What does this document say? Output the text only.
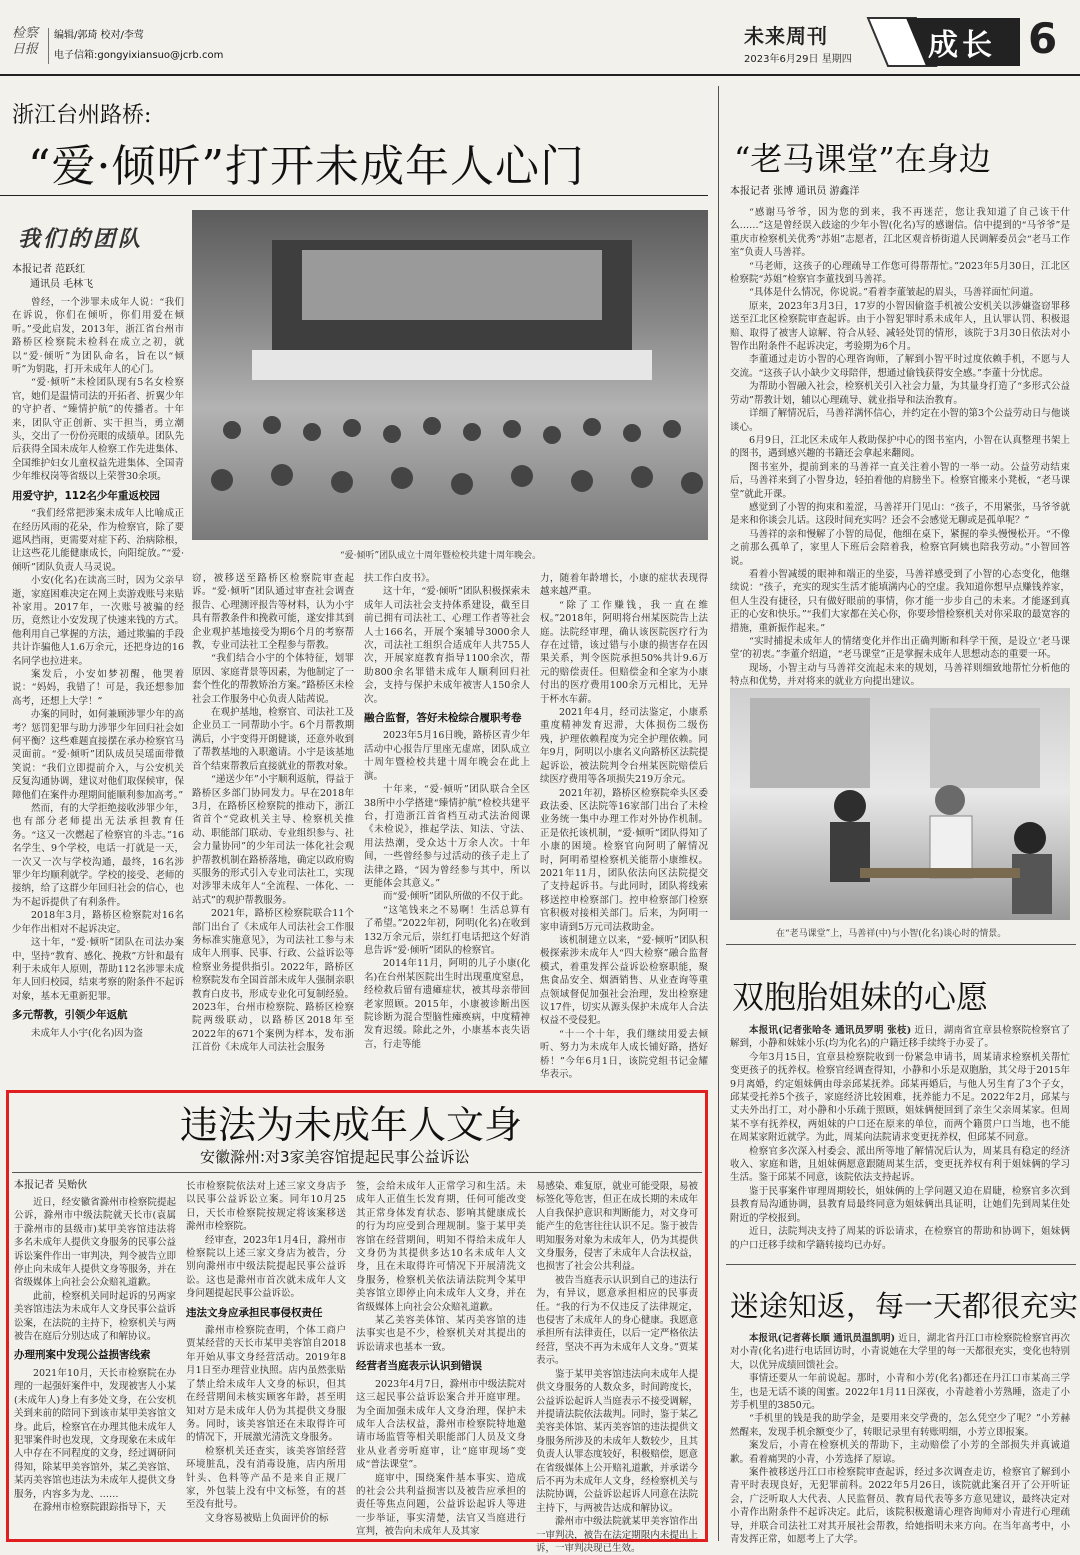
检察
日报
编辑/郭琦 校对/李莺
电子信箱:gongyixiansuo@jcrb.com
未来周刊
2023年6月29日 星期四	成长 6
浙江台州路桥:
“爱·倾听”打开未成年人心门
我们的团队
本报记者 范跃红
通讯员 毛林飞

曾经，一个涉罪未成年人说：“我们在诉说，你们在倾听，你们用爱在倾听。”受此启发，2013年，浙江省台州市路桥区检察院未检科在成立之初，就以“爱·倾听”为团队命名，旨在以“倾听”为钥匙，打开未成年人的心门。

“爱·倾听”未检团队现有5名女检察官，她们是温情司法的开拓者、折翼少年的守护者、“臻情护航”的传播者。十年来，团队守正创新、实干担当，勇立潮头，交出了一份份亮眼的成绩单。团队先后获得全国未成年人检察工作先进集体、全国维护妇女儿童权益先进集体、全国青少年维权岗等省级以上荣誉30余项。

用爱守护，112名少年重返校园

“我们经常把涉案未成年人比喻成正在经历风雨的花朵，作为检察官，除了要遮风挡雨，更需要对症下药、治病除根，让这些花儿能健康成长，向阳绽放。”“爱·倾听”团队负责人马灵说。

小安(化名)在读高三时，因为父亲早逝，家庭困难决定在网上卖游戏账号来贴补家用。2017年，一次账号被骗的经历，竟然让小安发现了快速来钱的方式。他利用自己掌握的方法，通过欺骗的手段共计诈骗他人1.6万余元，还把身边的16名同学也拉进来。

案发后，小安如梦初醒，他哭着说：“妈妈，我错了！可是，我还想参加高考，还想上大学！”

办案的同时，如何兼顾涉罪少年的高考？惩罚犯罪与助力涉罪少年回归社会如何平衡？这些难题直接摆在承办检察官马灵面前。“爱·倾听”团队成员吴瑶面带微笑说：“我们立即提前介入，与公安机关反复沟通协调，建议对他们取保候审，保障他们在案件办理期间能顺利参加高考。”

然而，有的大学拒绝接收涉罪少年，也有部分老师提出无法承担教育任务。“这又一次燃起了检察官的斗志。”16名学生、9个学校，电话一打就是一天，一次又一次与学校沟通，最终，16名涉罪少年均顺利就学。学校的接受、老师的接纳，给了这群少年回归社会的信心，也为不起诉提供了有利条件。

2018年3月，路桥区检察院对16名少年作出相对不起诉决定。

这十年，“爱·倾听”团队在司法办案中，坚持“教育、感化、挽救”方针和最有利于未成年人原则，帮助112名涉罪未成年人回归校园，结束考察的附条件不起诉对象，基本无重新犯罪。

多元帮教，引领少年返航

未成年人小宇(化名)因为盗

“爱·倾听”团队成立十周年暨检校共建十周年晚会。

窃，被移送至路桥区检察院审查起诉。“爱·倾听”团队通过审查社会调查报告、心理测评报告等材料，认为小宇具有帮教条件和挽救可能，遂安排其到企业观护基地接受为期6个月的考察帮教，专业司法社工全程参与帮教。

“我们结合小宇的个体特征，划罪原因、家庭背景等因素，为他制定了一套个性化的帮教矫治方案。”路桥区未检社会工作服务中心负责人陆茜说。

在观护基地，检察官、司法社工及企业员工一同帮助小宇。6个月帮教期满后，小宇变得开朗健谈，还意外收到了帮教基地的入职邀请。小宇是该基地首个结束帮教后直接就业的帮教对象。

“递送少年”小宇顺利返航，得益于路桥区多部门协同发力。早在2018年3月，在路桥区检察院的推动下，浙江省首个“党政机关主导、检察机关推动、职能部门联动、专业组织参与、社会力量协同”的少年司法一体化社会观护帮教机制在路桥落地，确定以政府购买服务的形式引入专业司法社工，实现对涉罪未成年人“全流程、一体化、一站式”的观护帮教服务。

2021年，路桥区检察院联合11个部门出台了《未成年人司法社会工作服务标准实施意见》，为司法社工参与未成年人刑事、民事、行政、公益诉讼等检察业务提供指引。2022年，路桥区检察院发布全国首部未成年人强制亲职教育白皮书，形成专业化可复制经验。2023年，台州市检察院、路桥区检察院两级联动，以路桥区2018年至2022年的671个案例为样本，发布浙江首份《未成年人司法社会服务

扶工作白皮书》。

这十年，“爱·倾听”团队积极探索未成年人司法社会支持体系建设，截至目前已拥有司法社工、心理工作者等社会人士166名，开展个案辅导3000余人次，司法社工组织合适成年人共755人次，开展家庭教育指导1100余次，帮助800余名罪错未成年人顺利回归社会，支持与保护未成年被害人150余人次。

融合监督，答好未检综合履职考卷

2023年5月16日晚，路桥区青少年活动中心报告厅里座无虚席，团队成立十周年暨检校共建十周年晚会在此上演。

十年来，“爱·倾听”团队联合全区38所中小学搭建“臻情护航”检校共建平台，打造浙江首省档互动式法治阅课《未检说》，推起学法、知法、守法、用法热潮，受众达十万余人次。十年间，一些曾经参与过活动的孩子走上了法律之路，“因为曾经参与其中，所以更能体会其意义。”

而“爱·倾听”团队所做的不仅于此。

“这笔钱来之不易啊！生活总算有了希望。”2022年初，阿明(化名)在收到132万余元后，崇红打电话把这个好消息告诉“爱·倾听”团队的检察官。

2014年11月，阿明的儿子小康(化名)在台州某医院出生时出现重度窒息，经检救后留有遗瘫症状，被其母亲带回老家照顾。2015年，小康被诊断出医院诊断为混合型脑性瘫痪病，中度精神发育迟缓。除此之外，小康基本丧失语言，行走等能

力，随着年龄增长，小康的症状表现得越来越严重。

“除了工作赚钱，我一直在维权。”2018年，阿明将台州某医院告上法庭。法院经审理，确认该医院医疗行为存在过错，该过错与小康的损害存在因果关系，判令医院承担50%共计9.6万元的赔偿责任。但赔偿金和全家为小康付出的医疗费用100余万元相比，无异于杯水车薪。

2021年4月，经司法鉴定，小康系重度精神发育迟滞，大体损伤二级伤残，护理依赖程度为完全护理依赖。同年9月，阿明以小康名义向路桥区法院提起诉讼，被法院判令台州某医院赔偿后续医疗费用等各项损失219万余元。

2021年初，路桥区检察院牵头区委政法委、区法院等16家部门出台了未检业务统一集中办理工作对外协作机制。正是依托该机制，“爱·倾听”团队得知了小康的困境。检察官向阿明了解情况时，阿明希望检察机关能帮小康维权。2021年11月，团队依法向区法院提交了支持起诉书。与此同时，团队将线索移送控申检察部门。控申检察部门检察官积极对接相关部门。后来，为阿明一家申请到5万元司法救助金。

该机制建立以来，“爱·倾听”团队积极探索涉未成年人“四大检察”融合监督模式，着重发挥公益诉讼检察职能，聚焦食品安全、烟酒销售、从业查询等重点领域督促加强社会治理，发出检察建议17件，切实从源头保护未成年人合法权益不受侵犯。

“十一个十年，我们继续用爱去倾听、努力为未成年人成长铺好路，搭好桥！”今年6月1日，该院党组书记金耀华表示。

“老马课堂”在身边
本报记者 张博 通讯员 游鑫洋

“感谢马爷爷，因为您的到来，我不再迷茫，您让我知道了自己该干什么……”这是曾经误入歧途的少年小智(化名)写的感谢信。信中提到的“马爷爷”是重庆市检察机关优秀“苏姐”志愿者，江北区观音桥街道人民调解委员会“老马工作室”负责人马善祥。

“马老师，这孩子的心理疏导工作您可得帮帮忙。”2023年5月30日，江北区检察院“苏姐”检察官李董找到马善祥。

“具体是什么情况，你说说。”看着李董皱起的眉头，马善祥面忙问道。

原来，2023年3月3日，17岁的小智因偷盗手机被公安机关以涉嫌盗窃罪移送至江北区检察院审查起诉。由于小智犯罪时系未成年人，且认罪认罚、积极退赔、取得了被害人谅解、符合从轻、减轻处罚的情形，该院于3月30日依法对小智作出附条件不起诉决定，考验期为6个月。

李董通过走访小智的心理咨询师，了解到小智平时过度依赖手机，不愿与人交流。“这孩子认小缺少文母陪伴，想通过偷钱获得安全感。”李董十分忧虑。

为帮助小智融入社会，检察机关引入社会力量，为其量身打造了“多形式公益劳动”帮教计划，辅以心理疏导、就业指导和法治教育。

详细了解情况后，马善祥满怀信心，并约定在小智的第3个公益劳动日与他谈谈心。

6月9日，江北区未成年人救助保护中心的图书室内，小智在认真整理书架上的图书，遇到感兴趣的书籍还会拿起来翻阅。

图书室外，提前到来的马善祥一直关注着小智的一举一动。公益劳动结束后，马善祥来到了小智身边，轻拍着他的肩膀坐下。检察官搬来小凳板，“老马课堂”就此开课。

感觉到了小智的拘束和羞涩，马善祥开门见山：“孩子，不用紧张，马爷爷就是来和你谈会儿话。这段时间充实吗？还会不会感觉无聊或是孤单呢？”

马善祥的亲和慢解了小智的局促，他细在桌下，紧握的拳头慢慢松开。“不像之前那么孤单了，家里人下班后会陪着我，检察官阿姨也陪我劳动。”小智回答说。

看着小智减缓的眼神和端正的坐姿，马善祥感受到了小智的心态变化，他继续说：“孩子，充实的现实生活才能填满内心的空虚。我知道你想早点赚钱养家，但人生没有捷径，只有做好眼前的事情，你才能一步步自己的未来。才能逐到真正的心安和快乐。”“我们大家都在关心你，你要珍惜检察机关对你采取的最宽容的措施，重新振作起来。”

“实时捕捉未成年人的情绪变化并作出正确判断和科学干预，是设立‘老马课堂’的初衷。”李董介绍道，“老马课堂”正是掌握未成年人思想动态的重要一环。

现场，小智主动与马善祥交流起未来的规划，马善祥则细致地帮忙分析他的特点和优势，并对将来的就业方向提出建议。

在“老马课堂”上，马善祥(中)与小智(化名)谈心时的情景。
双胞胎姐妹的心愿

本报讯(记者张哈冬 通讯员罗明 张枝) 近日，湖南省宜章县检察院检察官了解到，小静和妹妹小乐(均为化名)的户籍迁移手续终于办妥了。

今年3月15日，宜章县检察院收到一份紧急申请书，周某请求检察机关帮忙变更孩子的抚养权。检察官经调查得知，小静和小乐是双胞胎，其父母于2015年9月离婚，约定姐妹俩由母亲邱某抚养。邱某再婚后，与他人另生育了3个子女，邱某受托养5个孩子，家庭经济比较困难，抚养能力不足。2022年2月，邱某与丈夫外出打工，对小静和小乐疏于照顾，姐妹俩便回到了亲生父亲周某家。但周某不享有抚养权，两姐妹的户口还在原来的单位，而两个籍贯户口当地，也不能在周某家附近就学。为此，周某向法院请求变更抚养权，但邱某不同意。

检察官多次深入村委会、派出所等地了解情况后认为，周某具有稳定的经济收入、家庭和谐，且姐妹俩愿意跟随周某生活，变更抚养权有利于姐妹俩的学习生活。鉴于邱某不同意，该院依法支持起诉。

鉴于民事案件审理周期较长，姐妹俩的上学问题又迫在眉睫，检察官多次到县教育局沟通协调，县教育局最终同意为姐妹俩出具证明，让她们先到周某住处附近的学校报到。

近日，法院判决支持了周某的诉讼请求，在检察官的帮助和协调下，姐妹俩的户口迁移手续和学籍转接均已办好。

迷途知返，每一天都很充实

本报讯(记者蒋长顺 通讯员温凯明) 近日，湖北省丹江口市检察院检察官再次对小青(化名)进行电话回访时，小青说她在大学里的每一天都很充实，变化也特别大，以优异成绩回馈社会。

事情还要从一年前说起。那时，小青和小芳(化名)都还在丹江口市某高三学生，也是无话不谈的闺蜜。2022年1月11日深夜，小青趁着小芳熟睡，盗走了小芳手机里的3850元。

“手机里的钱是我的助学金，是要用来交学费的，怎么凭空少了呢？”小芳赫然醒来，发现手机余额变少了，转眼记录里有转账明细，小芳立即报案。

案发后，小青在检察机关的帮助下，主动赔偿了小芳的全部损失并真诚道歉。看着痛哭的小青，小芳选择了原谅。

案件被移送丹江口市检察院审查起诉，经过多次调查走访，检察官了解到小青平时表现良好，无犯罪前科。2022年5月26日，该院就此案召开了公开听证会，广泛听取人大代表、人民监督员、教育局代表等多方意见建议，最终决定对小青作出附条件不起诉决定。此后，该院积极邀请心理咨询师对小青进行心理疏导，并联合司法社工对其开展社会帮教，给她指明未来方向。在当年高考中，小青发挥正常，如愿考上了大学。

违法为未成年人文身
安徽滁州:对3家美容馆提起民事公益诉讼
本报记者 吴贻伙

近日，经安徽省滁州市检察院提起公诉，滁州市中级法院就天长市(袁属于滁州市的县级市)某甲美容馆违法将多名未成年人提供文身服务的民事公益诉讼案件作出一审判决，判令被告立即停止向未成年人提供文身等服务，并在省级媒体上向社会公众赔礼道歉。

此前，检察机关同时起诉的另两家美容馆违法为未成年人文身民事公益诉讼案，在法院的主持下，检察机关与两被告在庭后分别达成了和解协议。

办理刑案中发现公益损害线索

2021年10月，天长市检察院在办理的一起强奸案件中，发现被害人小某(未成年人)身上有多处文身，在公安机关到来前的陪同下到该市某甲美容馆文身。此后，检察官在办理其他未成年人犯罪案件时也发现，文身现象在未成年人中存在不同程度的文身，经过调研问得知，除某甲美容馆外，某乙美容馆、某丙美容馆也违法为未成年人提供文身服务，内容多为龙、……

在滁州市检察院跟踪指导下，天

长市检察院依法对上述三家文身店予以民事公益诉讼立案。同年10月25日，天长市检察院按规定将该案移送滁州市检察院。

经审查，2023年1月4日，滁州市检察院以上述三家文身店为被告，分别向滁州市中级法院提起民事公益诉讼。这也是滁州市首次就未成年人文身问题提起民事公益诉讼。

违法文身应承担民事侵权责任

滁州市检察院查明，个体工商户贾某经营的天长市某甲美容馆自2018年开始从事文身经营活动。2019年8月1日至办理营业执照。店内虽然张贴了禁止给未成年人文身的标识，但其在经营期间未核实顾客年龄，甚至明知对方是未成年人仍为其提供文身服务。同时，该美容馆还在未取得许可的情况下，开展激光清洗文身服务。

检察机关还查实，该美容馆经营环境脏乱，没有消毒设施，店内所用针头、色料等产品不是来自正规厂家，外包装上没有中文标签，有的甚至没有批号。

文身容易被贴上负面评价的标

签，会给未成年人正常学习和生活。未成年人正值生长发育期，任何可能改变其正常身体发育状态、影响其健康成长的行为均应受到合理规制。鉴于某甲美容馆在经营期间，明知不得给未成年人文身仍为其提供多达10名未成年人文身，且在未取得许可情况下开展清洗文身服务，检察机关依法请法院判令某甲美容馆立即停止向未成年人文身，并在省级媒体上向社会公众赔礼道歉。

某乙美容美体馆、某丙美容馆的违法事实也是不少，检察机关对其提出的诉讼请求也基本一致。

经营者当庭表示认识到错误

2023年4月7日，滁州市中级法院对这三起民事公益诉讼案合并开庭审理。为全面加强未成年人文身治理，保护未成年人合法权益，滁州市检察院特地邀请市场监管等相关职能部门人员及文身业从业者旁听庭审，让“庭审现场”变成“普法课堂”。

庭审中，围绕案件基本事实、造成的社会公共利益损害以及被告应承担的责任等焦点问题，公益诉讼起诉人等进一步举证，事实清楚，法官又当庭进行宣判，被告向未成年人及其家

易感染、难复原，就业可能受限，易被标签化等危害，但正在成长期的未成年人自我保护意识和判断能力，对文身可能产生的危害往往认识不足。鉴于被告明知服务对象为未成年人，仍为其提供文身服务，侵害了未成年人合法权益，也损害了社会公共利益。

被告当庭表示认识到自己的违法行为，有异议，愿意承担相应的民事责任。“我的行为不仅违反了法律规定，也侵害了未成年人的身心健康。我愿意承担所有法律责任，以后一定严格依法经营，坚决不再为未成年人文身。”贾某表示。

鉴于某甲美容馆违法向未成年人提供文身服务的人数众多，时间跨度长，公益诉讼起诉人当庭表示不接受调解，并提请法院依法裁判。同时，鉴于某乙美容美体馆、某丙美容馆的违法提供文身服务所涉及的未成年人数较少，且其负责人认罪态度较好，积极赔偿，愿意在省级媒体上公开赔礼道歉，并承诺今后不再为未成年人文身，经检察机关与法院协调，公益诉讼起诉人同意在法院主持下，与两被告达成和解协议。

滁州市中级法院就某甲美容馆作出一审判决，被告在法定期限内未提出上诉，一审判决现已生效。
